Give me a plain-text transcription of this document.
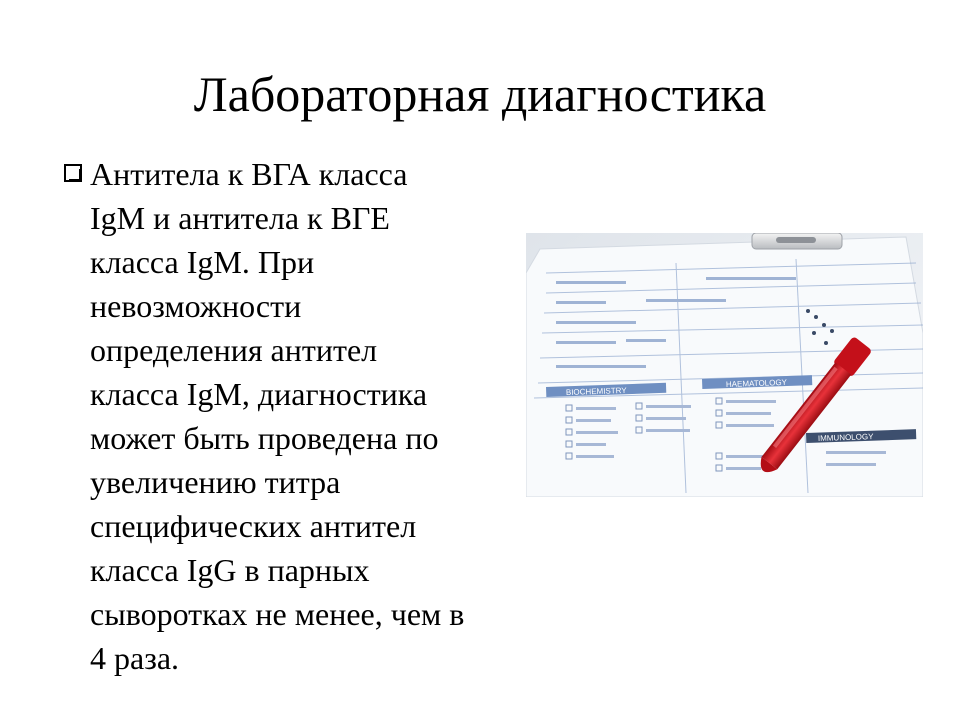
Лабораторная диагностика

Антитела к ВГА класса
IgM и антитела к ВГЕ
класса IgM. При
невозможности
определения антител
класса IgM, диагностика
может быть проведена по
увеличению титра
специфических антител
класса IgG в парных
сыворотках не менее, чем в
4 раза.

BIOCHEMISTRY
HAEMATOLOGY
IMMUNOLOGY
